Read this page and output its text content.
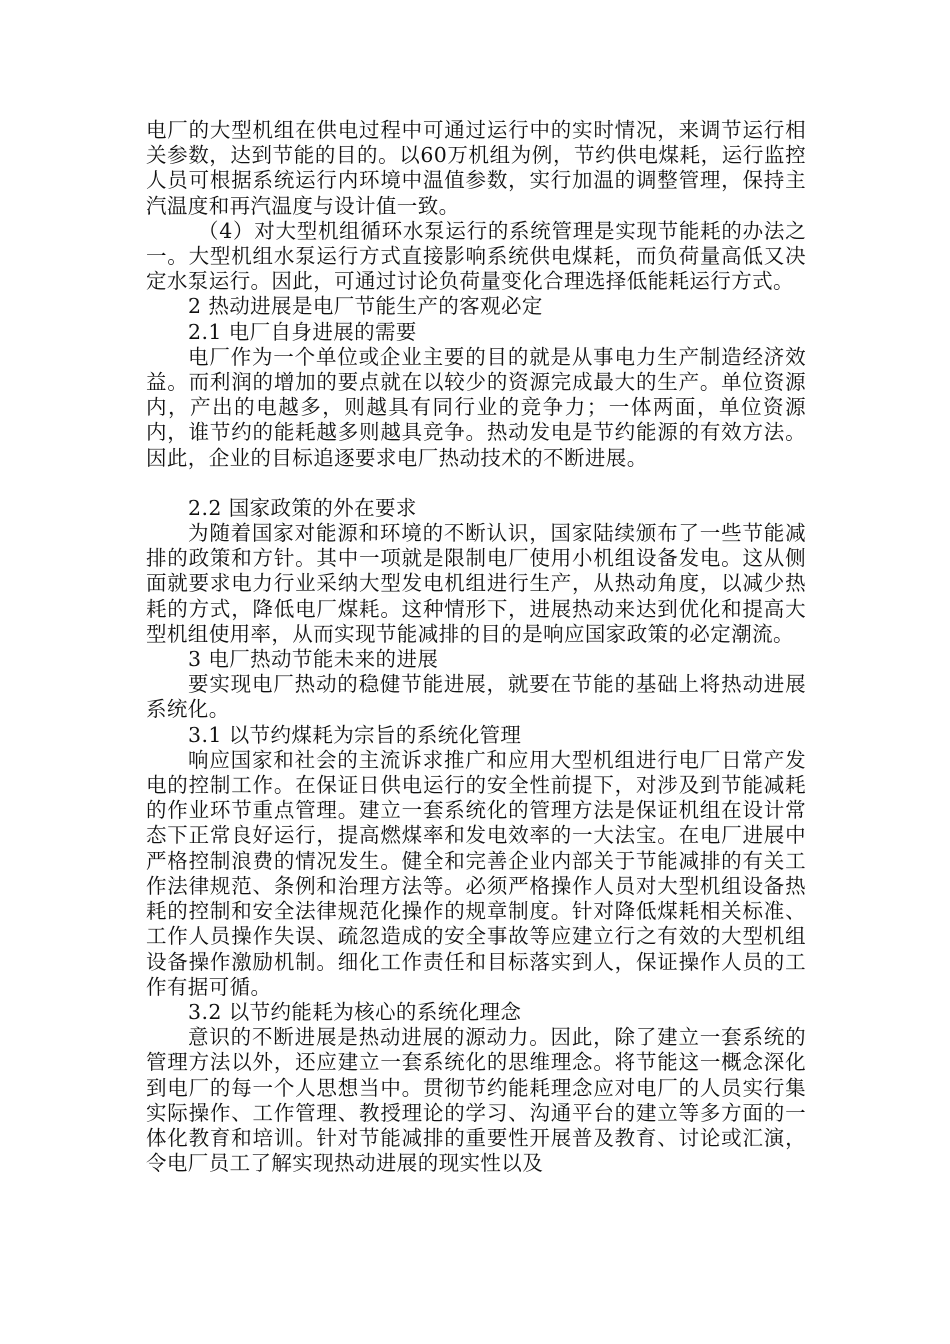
电厂的大型机组在供电过程中可通过运行中的实时情况，来调节运行相关参数，达到节能的目的。以60万机组为例，节约供电煤耗，运行监控人员可根据系统运行内环境中温值参数，实行加温的调整管理，保持主汽温度和再汽温度与设计值一致。

（4）对大型机组循环水泵运行的系统管理是实现节能耗的办法之一。大型机组水泵运行方式直接影响系统供电煤耗，而负荷量高低又决定水泵运行。因此，可通过讨论负荷量变化合理选择低能耗运行方式。

2 热动进展是电厂节能生产的客观必定

2.1 电厂自身进展的需要

电厂作为一个单位或企业主要的目的就是从事电力生产制造经济效益。而利润的增加的要点就在以较少的资源完成最大的生产。单位资源内，产出的电越多，则越具有同行业的竞争力；一体两面，单位资源内，谁节约的能耗越多则越具竞争。热动发电是节约能源的有效方法。因此，企业的目标追逐要求电厂热动技术的不断进展。

2.2 国家政策的外在要求

为随着国家对能源和环境的不断认识，国家陆续颁布了一些节能减排的政策和方针。其中一项就是限制电厂使用小机组设备发电。这从侧面就要求电力行业采纳大型发电机组进行生产，从热动角度，以减少热耗的方式，降低电厂煤耗。这种情形下，进展热动来达到优化和提高大型机组使用率，从而实现节能减排的目的是响应国家政策的必定潮流。

3 电厂热动节能未来的进展

要实现电厂热动的稳健节能进展，就要在节能的基础上将热动进展系统化。

3.1 以节约煤耗为宗旨的系统化管理

响应国家和社会的主流诉求推广和应用大型机组进行电厂日常产发电的控制工作。在保证日供电运行的安全性前提下，对涉及到节能减耗的作业环节重点管理。建立一套系统化的管理方法是保证机组在设计常态下正常良好运行，提高燃煤率和发电效率的一大法宝。在电厂进展中严格控制浪费的情况发生。健全和完善企业内部关于节能减排的有关工作法律规范、条例和治理方法等。必须严格操作人员对大型机组设备热耗的控制和安全法律规范化操作的规章制度。针对降低煤耗相关标准、工作人员操作失误、疏忽造成的安全事故等应建立行之有效的大型机组设备操作激励机制。细化工作责任和目标落实到人，保证操作人员的工作有据可循。

3.2 以节约能耗为核心的系统化理念

意识的不断进展是热动进展的源动力。因此，除了建立一套系统的管理方法以外，还应建立一套系统化的思维理念。将节能这一概念深化到电厂的每一个人思想当中。贯彻节约能耗理念应对电厂的人员实行集实际操作、工作管理、教授理论的学习、沟通平台的建立等多方面的一体化教育和培训。针对节能减排的重要性开展普及教育、讨论或汇演，令电厂员工了解实现热动进展的现实性以及
